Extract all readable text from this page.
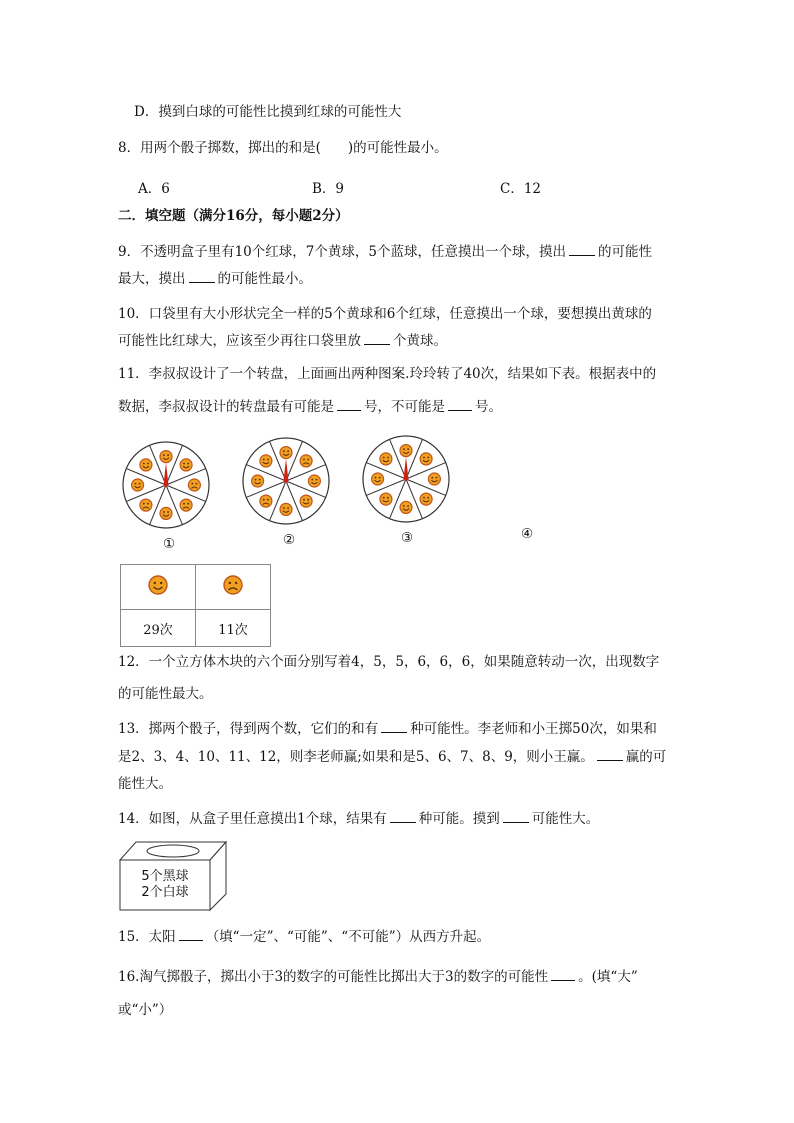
D．摸到白球的可能性比摸到红球的可能性大
8．用两个骰子掷数，掷出的和是(　　)的可能性最小。
A．6	B．9	C．12
二．填空题（满分16分，每小题2分）
9．不透明盒子里有10个红球，7个黄球，5个蓝球，任意摸出一个球，摸出 的可能性
最大，摸出 的可能性最小。
10．口袋里有大小形状完全一样的5个黄球和6个红球，任意摸出一个球，要想摸出黄球的
可能性比红球大，应该至少再往口袋里放 个黄球。
11．李叔叔设计了一个转盘，上面画出两种图案.玲玲转了40次，结果如下表。根据表中的
数据，李叔叔设计的转盘最有可能是 号，不可能是 号。
①	②	③	④

29次	11次
12．一个立方体木块的六个面分别写着4，5，5，6，6，6，如果随意转动一次，出现数字
的可能性最大。
13．掷两个骰子，得到两个数，它们的和有 种可能性。李老师和小王掷50次，如果和
是2、3、4、10、11、12，则李老师赢;如果和是5、6、7、8、9，则小王赢。 赢的可
能性大。
14．如图，从盒子里任意摸出1个球，结果有 种可能。摸到 可能性大。
5个黑球
2个白球
15．太阳 （填“一定”、“可能”、“不可能”）从西方升起。
16.淘气掷骰子，掷出小于3的数字的可能性比掷出大于3的数字的可能性 。(填“大”
或“小”）
